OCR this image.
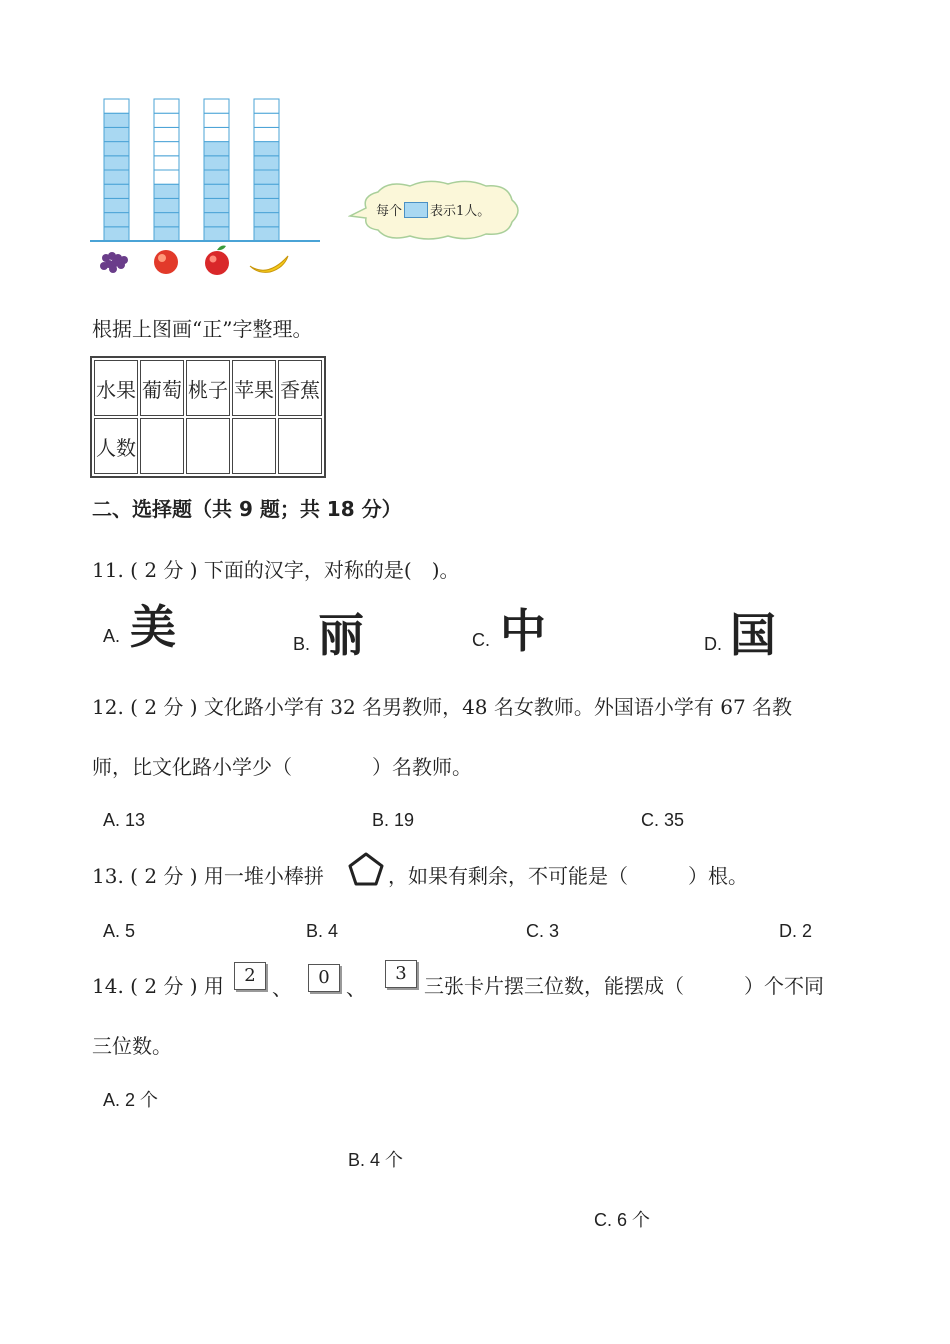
每个 表示1人。
根据上图画“正”字整理。
水果	葡萄	桃子	苹果	香蕉
人数				
二、选择题（共 9 题；共 18 分）
11. ( 2 分 ) 下面的汉字，对称的是(　)。
A. 美	B. 丽	C. 中	D. 国
12. ( 2 分 ) 文化路小学有 32 名男教师，48 名女教师。外国语小学有 67 名教
师，比文化路小学少（　　　　）名教师。
A. 13	B. 19	C. 35
13. ( 2 分 ) 用一堆小棒拼	，如果有剩余，不可能是（　　　）根。
A. 5	B. 4	C. 3	D. 2
14. ( 2 分 ) 用	2
、	0 、
3
三张卡片摆三位数，能摆成（　　　）个不同
三位数。
A. 2 个
B. 4 个
C. 6 个
